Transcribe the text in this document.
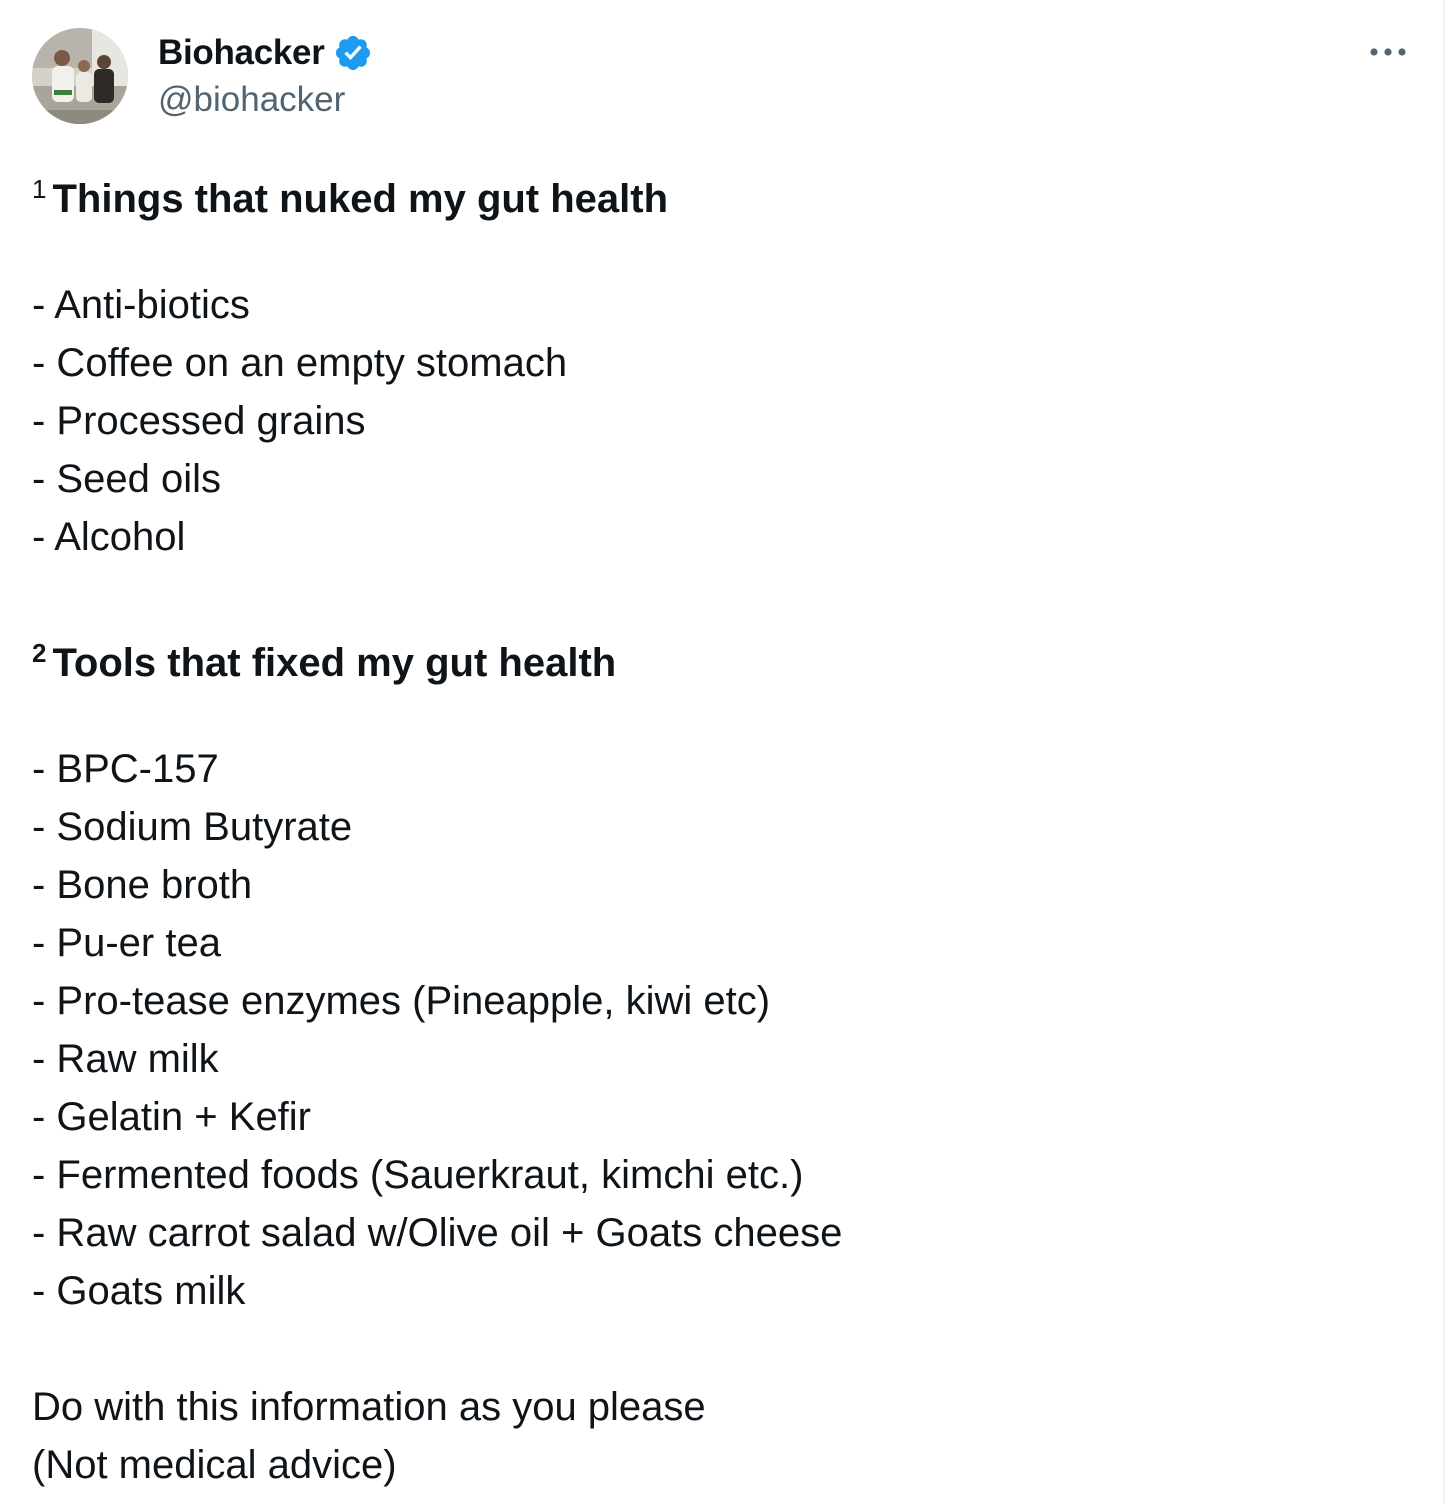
Biohacker
@biohacker
$^1$ Things that nuked my gut health
- Anti-biotics
- Coffee on an empty stomach
- Processed grains
- Seed oils
- Alcohol
$^2$ Tools that fixed my gut health
- BPC-157
- Sodium Butyrate
- Bone broth
- Pu-er tea
- Pro-tease enzymes (Pineapple, kiwi etc)
- Raw milk
- Gelatin + Kefir
- Fermented foods (Sauerkraut, kimchi etc.)
- Raw carrot salad w/Olive oil + Goats cheese
- Goats milk
Do with this information as you please
(Not medical advice)
